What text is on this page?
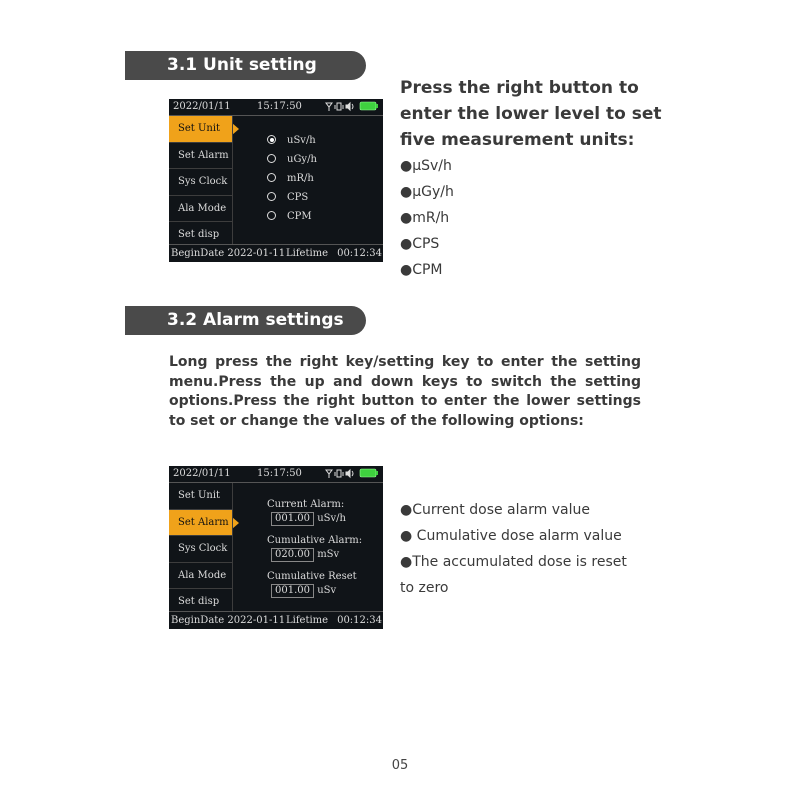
3.1 Unit setting
2022/01/11	15:17:50
Set Unit
Set Alarm
Sys Clock
Ala Mode
Set disp
uSv/h
uGy/h
mR/h
CPS
CPM
BeginDate 2022-01-11 Lifetime 00:12:34
Press the right button to
enter the lower level to set
five measurement units:
●μSv/h
●μGy/h
●mR/h
●CPS
●CPM
3.2 Alarm settings
Long press the right key/setting key to enter the setting menu.Press the up and down keys to switch the setting options.Press the right button to enter the lower settings to set or change the values of the following options:
2022/01/11	15:17:50
Set Unit
Set Alarm
Sys Clock
Ala Mode
Set disp
Current Alarm:
001.00 uSv/h
Cumulative Alarm:
020.00 mSv
Cumulative Reset
001.00 uSv
BeginDate 2022-01-11 Lifetime 00:12:34
●Current dose alarm value
● Cumulative dose alarm value
●The accumulated dose is reset
to zero
05
